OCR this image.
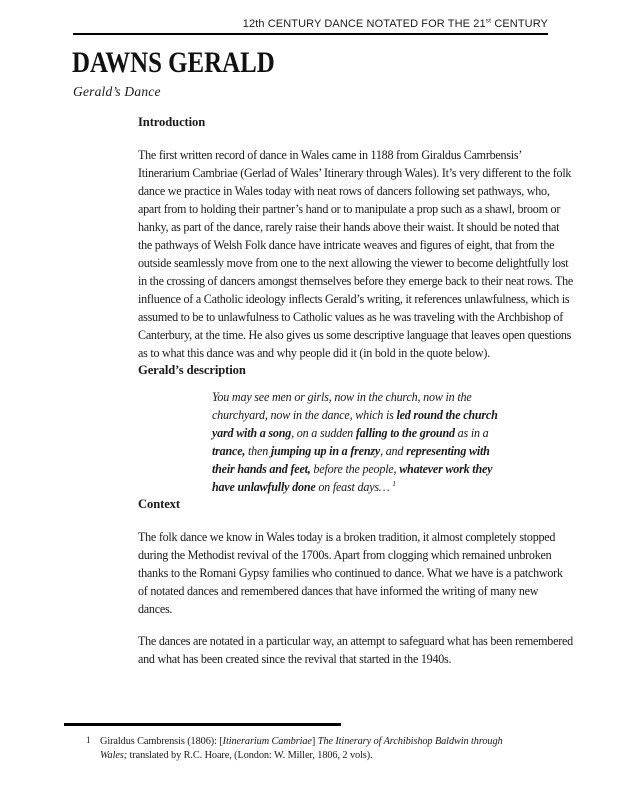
12th CENTURY DANCE NOTATED FOR THE 21st CENTURY
DAWNS GERALD
Gerald’s Dance
Introduction

The first written record of dance in Wales came in 1188 from Giraldus Camrbensis’ Itinerarium Cambriae (Gerlad of Wales’ Itinerary through Wales). It’s very different to the folk dance we practice in Wales today with neat rows of dancers following set pathways, who, apart from to holding their partner’s hand or to manipulate a prop such as a shawl, broom or hanky, as part of the dance, rarely raise their hands above their waist. It should be noted that the pathways of Welsh Folk dance have intricate weaves and figures of eight, that from the outside seamlessly move from one to the next allowing the viewer to become delightfully lost in the crossing of dancers amongst themselves before they emerge back to their neat rows. The influence of a Catholic ideology inflects Gerald’s writing, it references unlawfulness, which is assumed to be to unlawfulness to Catholic values as he was traveling with the Archbishop of Canterbury, at the time. He also gives us some descriptive language that leaves open questions as to what this dance was and why people did it (in bold in the quote below).

Gerald’s description
You may see men or girls, now in the church, now in the churchyard, now in the dance, which is led round the church yard with a song, on a sudden falling to the ground as in a trance, then jumping up in a frenzy, and representing with their hands and feet, before the people, whatever work they have unlawfully done on feast days… $^1$
Context

The folk dance we know in Wales today is a broken tradition, it almost completely stopped during the Methodist revival of the 1700s. Apart from clogging which remained unbroken thanks to the Romani Gypsy families who continued to dance. What we have is a patchwork of notated dances and remembered dances that have informed the writing of many new dances.

The dances are notated in a particular way, an attempt to safeguard what has been remembered and what has been created since the revival that started in the 1940s.

1 Giraldus Cambrensis (1806): [Itinerarium Cambriae] The Itinerary of Archibishop Baldwin through Wales; translated by R.C. Hoare, (London: W. Miller, 1806, 2 vols).
